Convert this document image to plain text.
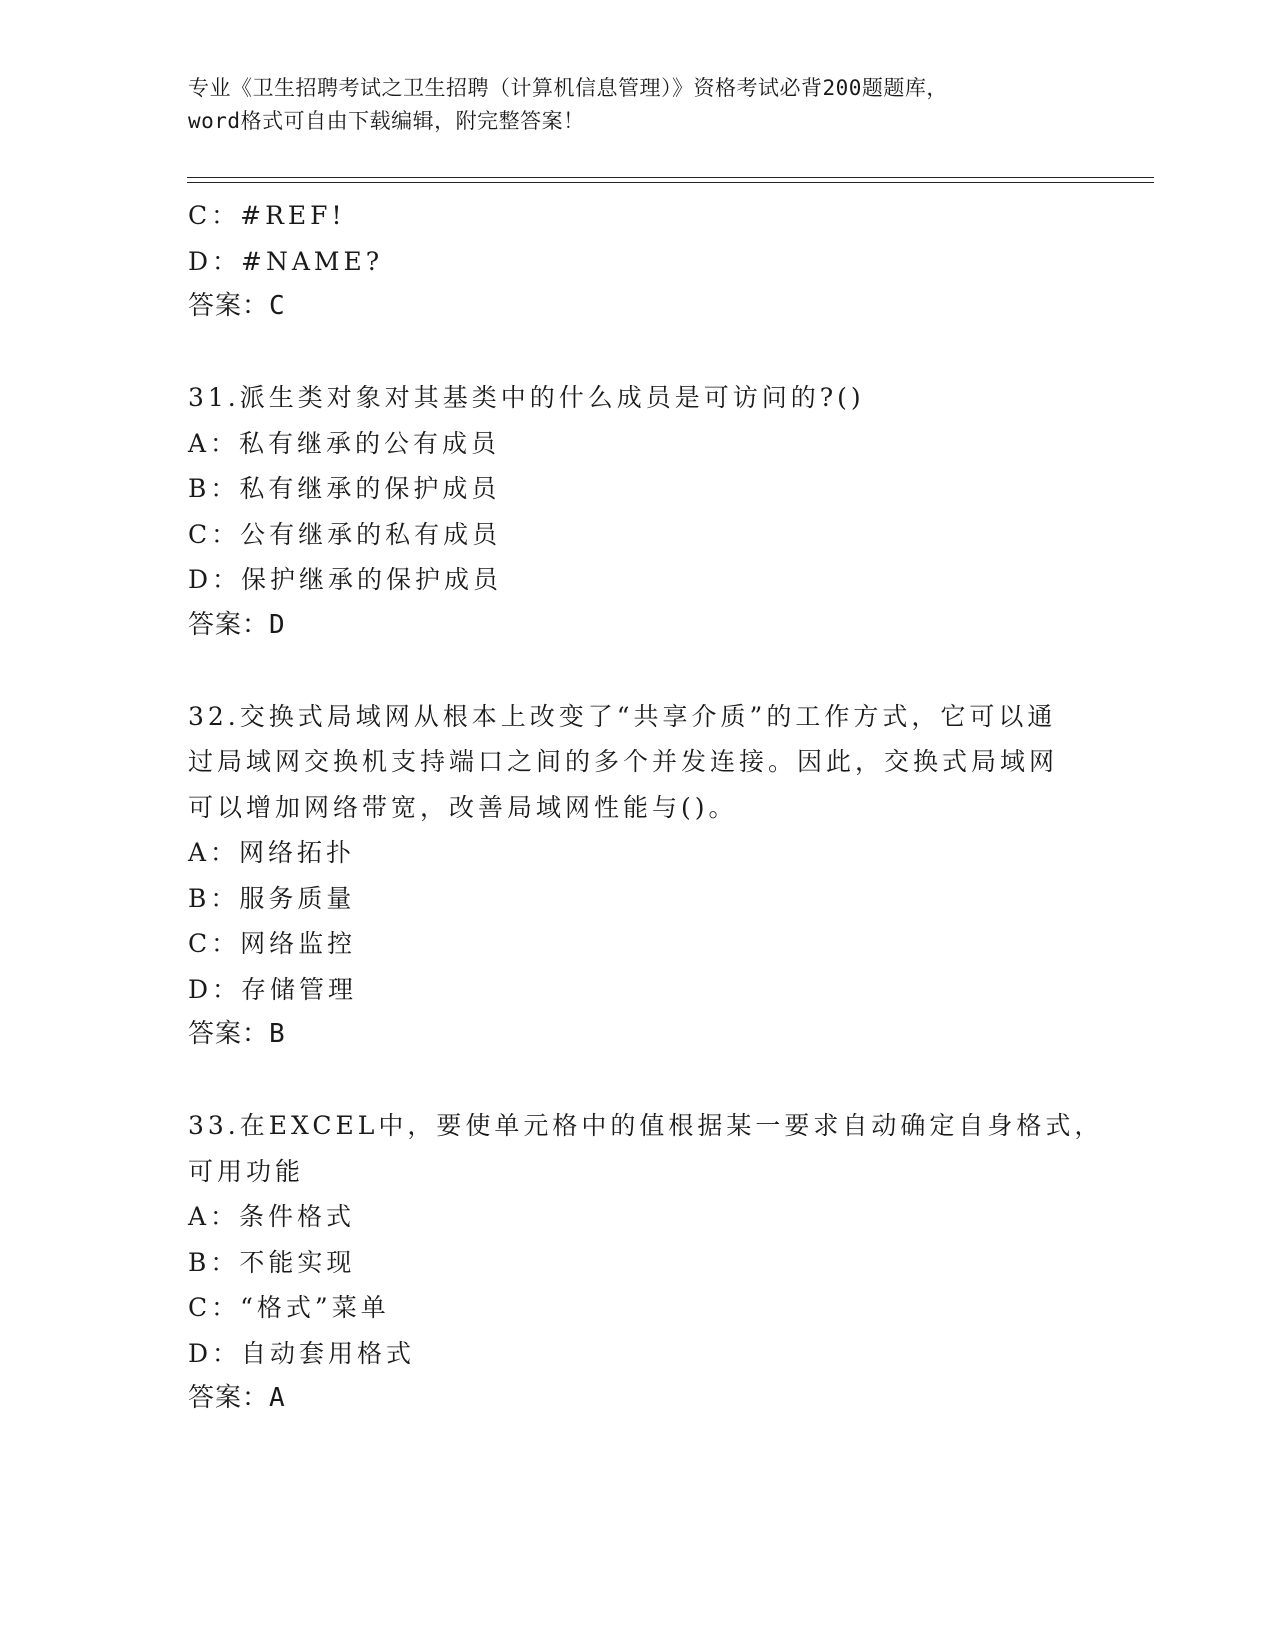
专业《卫生招聘考试之卫生招聘（计算机信息管理）》资格考试必背200题题库，
word格式可自由下载编辑，附完整答案！
C：#REF!
D：#NAME?
答案：C
31.派生类对象对其基类中的什么成员是可访问的?()
A：私有继承的公有成员
B：私有继承的保护成员
C：公有继承的私有成员
D：保护继承的保护成员
答案：D
32.交换式局域网从根本上改变了“共享介质”的工作方式，它可以通
过局域网交换机支持端口之间的多个并发连接。因此，交换式局域网
可以增加网络带宽，改善局域网性能与()。
A：网络拓扑
B：服务质量
C：网络监控
D：存储管理
答案：B
33.在EXCEL中，要使单元格中的值根据某一要求自动确定自身格式，
可用功能
A：条件格式
B：不能实现
C：“格式”菜单
D：自动套用格式
答案：A
